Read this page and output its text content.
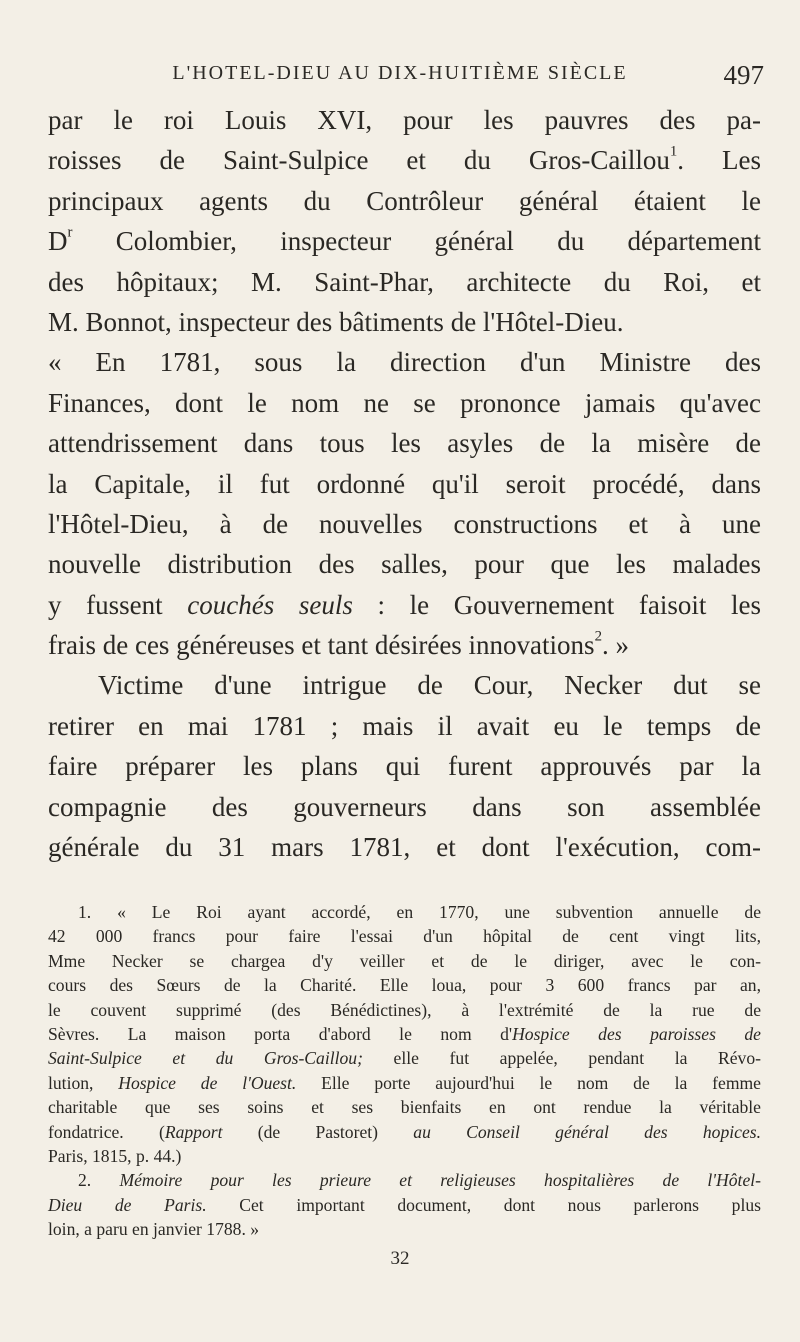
L'HOTEL-DIEU AU DIX-HUITIÈME SIÈCLE	497
par le roi Louis XVI, pour les pauvres des pa-
roisses de Saint-Sulpice et du Gros-Caillou$^1$. Les
principaux agents du Contrôleur général étaient le
$D^r$ Colombier, inspecteur général du département
des hôpitaux; M. Saint-Phar, architecte du Roi, et
M. Bonnot, inspecteur des bâtiments de l'Hôtel-Dieu.
« En 1781, sous la direction d'un Ministre des
Finances, dont le nom ne se prononce jamais qu'avec
attendrissement dans tous les asyles de la misère de
la Capitale, il fut ordonné qu'il seroit procédé, dans
l'Hôtel-Dieu, à de nouvelles constructions et à une
nouvelle distribution des salles, pour que les malades
y fussent couchés seuls : le Gouvernement faisoit les
frais de ces généreuses et tant désirées innovations$^2$. »
Victime d'une intrigue de Cour, Necker dut se
retirer en mai 1781 ; mais il avait eu le temps de
faire préparer les plans qui furent approuvés par la
compagnie des gouverneurs dans son assemblée
générale du 31 mars 1781, et dont l'exécution, com-
1. « Le Roi ayant accordé, en 1770, une subvention annuelle de
42 000 francs pour faire l'essai d'un hôpital de cent vingt lits,
Mme Necker se chargea d'y veiller et de le diriger, avec le con-
cours des Sœurs de la Charité. Elle loua, pour 3 600 francs par an,
le couvent supprimé (des Bénédictines), à l'extrémité de la rue de
Sèvres. La maison porta d'abord le nom d'Hospice des paroisses de
Saint-Sulpice et du Gros-Caillou; elle fut appelée, pendant la Révo-
lution, Hospice de l'Ouest. Elle porte aujourd'hui le nom de la femme
charitable que ses soins et ses bienfaits en ont rendue la véritable
fondatrice. (Rapport (de Pastoret) au Conseil général des hopices.
Paris, 1815, p. 44.)
2. Mémoire pour les prieure et religieuses hospitalières de l'Hôtel-
Dieu de Paris. Cet important document, dont nous parlerons plus
loin, a paru en janvier 1788. »
32
